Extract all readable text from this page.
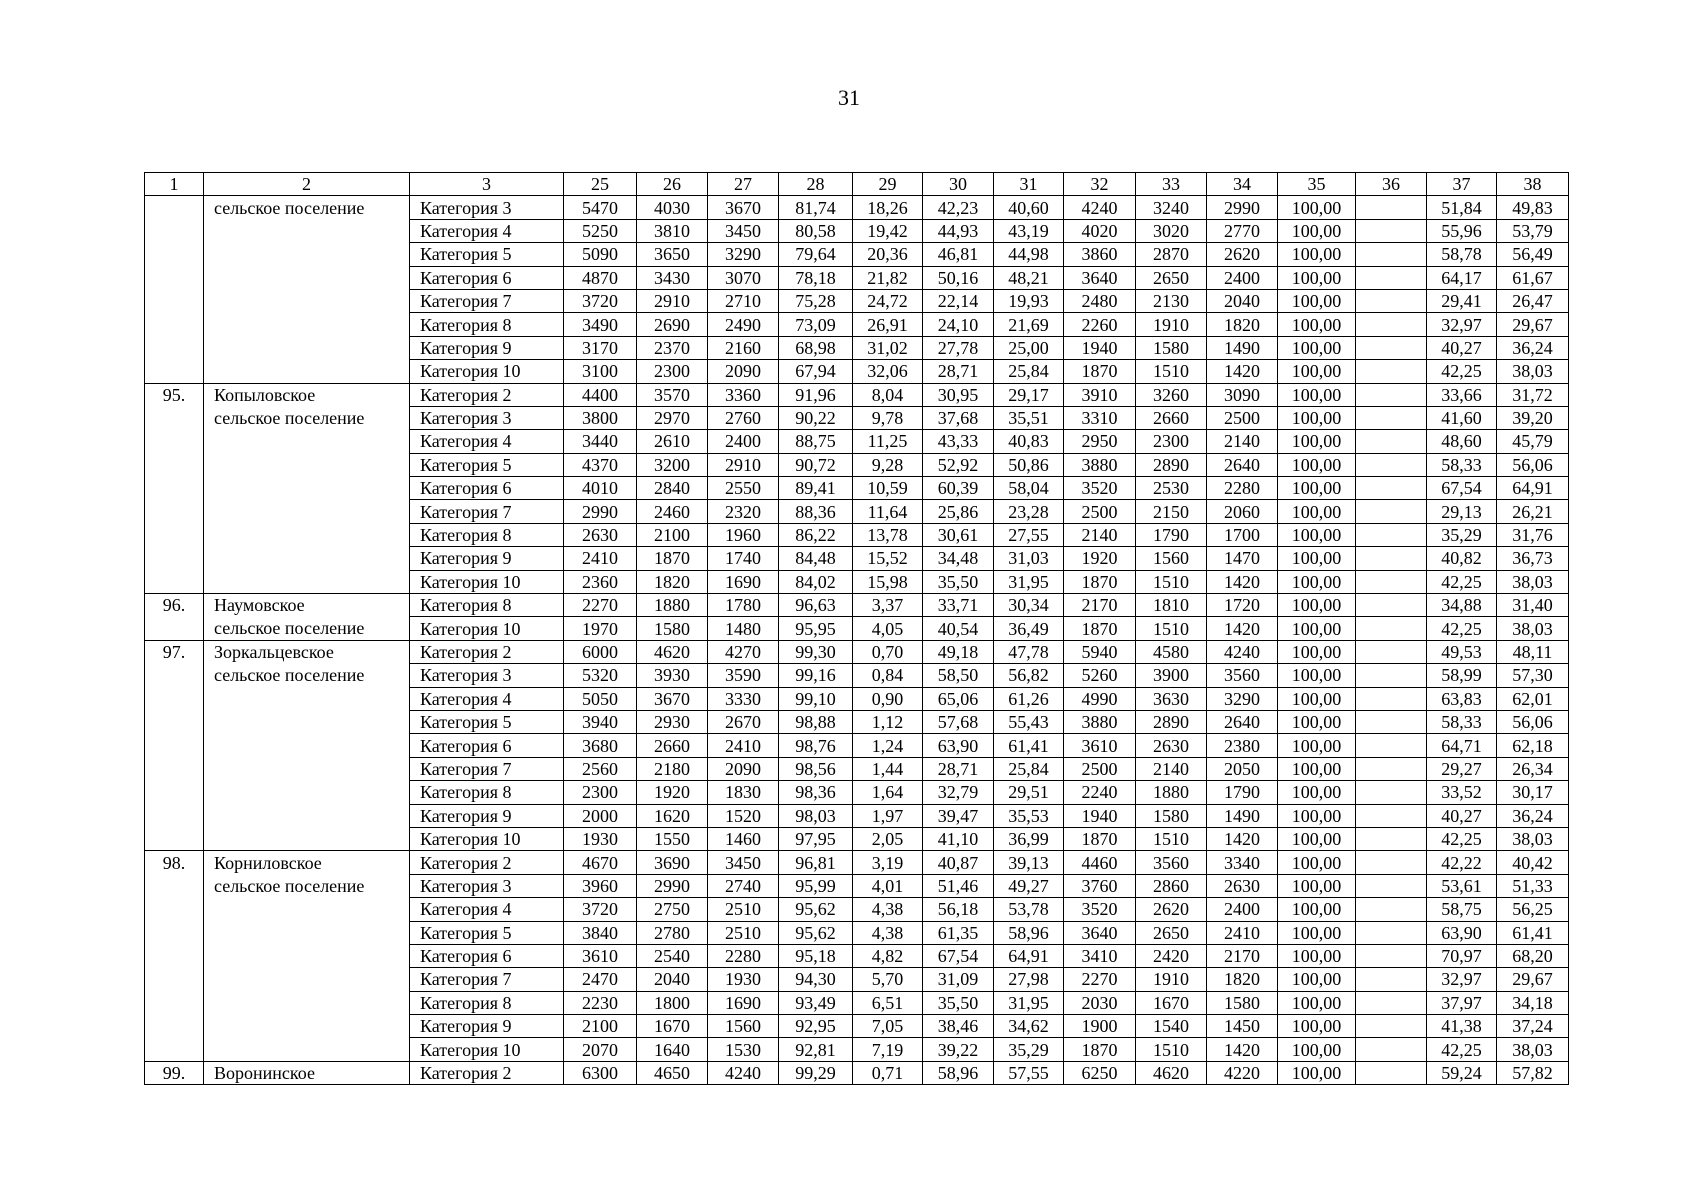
31
1	2	3	25	26	27	28	29	30	31	32	33	34	35	36	37	38
	сельское поселение	Категория 3	5470	4030	3670	81,74	18,26	42,23	40,60	4240	3240	2990	100,00		51,84	49,83
		Категория 4	5250	3810	3450	80,58	19,42	44,93	43,19	4020	3020	2770	100,00		55,96	53,79
		Категория 5	5090	3650	3290	79,64	20,36	46,81	44,98	3860	2870	2620	100,00		58,78	56,49
		Категория 6	4870	3430	3070	78,18	21,82	50,16	48,21	3640	2650	2400	100,00		64,17	61,67
		Категория 7	3720	2910	2710	75,28	24,72	22,14	19,93	2480	2130	2040	100,00		29,41	26,47
		Категория 8	3490	2690	2490	73,09	26,91	24,10	21,69	2260	1910	1820	100,00		32,97	29,67
		Категория 9	3170	2370	2160	68,98	31,02	27,78	25,00	1940	1580	1490	100,00		40,27	36,24
		Категория 10	3100	2300	2090	67,94	32,06	28,71	25,84	1870	1510	1420	100,00		42,25	38,03
95.	Копыловское	Категория 2	4400	3570	3360	91,96	8,04	30,95	29,17	3910	3260	3090	100,00		33,66	31,72
	сельское поселение	Категория 3	3800	2970	2760	90,22	9,78	37,68	35,51	3310	2660	2500	100,00		41,60	39,20
		Категория 4	3440	2610	2400	88,75	11,25	43,33	40,83	2950	2300	2140	100,00		48,60	45,79
		Категория 5	4370	3200	2910	90,72	9,28	52,92	50,86	3880	2890	2640	100,00		58,33	56,06
		Категория 6	4010	2840	2550	89,41	10,59	60,39	58,04	3520	2530	2280	100,00		67,54	64,91
		Категория 7	2990	2460	2320	88,36	11,64	25,86	23,28	2500	2150	2060	100,00		29,13	26,21
		Категория 8	2630	2100	1960	86,22	13,78	30,61	27,55	2140	1790	1700	100,00		35,29	31,76
		Категория 9	2410	1870	1740	84,48	15,52	34,48	31,03	1920	1560	1470	100,00		40,82	36,73
		Категория 10	2360	1820	1690	84,02	15,98	35,50	31,95	1870	1510	1420	100,00		42,25	38,03
96.	Наумовское	Категория 8	2270	1880	1780	96,63	3,37	33,71	30,34	2170	1810	1720	100,00		34,88	31,40
	сельское поселение	Категория 10	1970	1580	1480	95,95	4,05	40,54	36,49	1870	1510	1420	100,00		42,25	38,03
97.	Зоркальцевское	Категория 2	6000	4620	4270	99,30	0,70	49,18	47,78	5940	4580	4240	100,00		49,53	48,11
	сельское поселение	Категория 3	5320	3930	3590	99,16	0,84	58,50	56,82	5260	3900	3560	100,00		58,99	57,30
		Категория 4	5050	3670	3330	99,10	0,90	65,06	61,26	4990	3630	3290	100,00		63,83	62,01
		Категория 5	3940	2930	2670	98,88	1,12	57,68	55,43	3880	2890	2640	100,00		58,33	56,06
		Категория 6	3680	2660	2410	98,76	1,24	63,90	61,41	3610	2630	2380	100,00		64,71	62,18
		Категория 7	2560	2180	2090	98,56	1,44	28,71	25,84	2500	2140	2050	100,00		29,27	26,34
		Категория 8	2300	1920	1830	98,36	1,64	32,79	29,51	2240	1880	1790	100,00		33,52	30,17
		Категория 9	2000	1620	1520	98,03	1,97	39,47	35,53	1940	1580	1490	100,00		40,27	36,24
		Категория 10	1930	1550	1460	97,95	2,05	41,10	36,99	1870	1510	1420	100,00		42,25	38,03
98.	Корниловское	Категория 2	4670	3690	3450	96,81	3,19	40,87	39,13	4460	3560	3340	100,00		42,22	40,42
	сельское поселение	Категория 3	3960	2990	2740	95,99	4,01	51,46	49,27	3760	2860	2630	100,00		53,61	51,33
		Категория 4	3720	2750	2510	95,62	4,38	56,18	53,78	3520	2620	2400	100,00		58,75	56,25
		Категория 5	3840	2780	2510	95,62	4,38	61,35	58,96	3640	2650	2410	100,00		63,90	61,41
		Категория 6	3610	2540	2280	95,18	4,82	67,54	64,91	3410	2420	2170	100,00		70,97	68,20
		Категория 7	2470	2040	1930	94,30	5,70	31,09	27,98	2270	1910	1820	100,00		32,97	29,67
		Категория 8	2230	1800	1690	93,49	6,51	35,50	31,95	2030	1670	1580	100,00		37,97	34,18
		Категория 9	2100	1670	1560	92,95	7,05	38,46	34,62	1900	1540	1450	100,00		41,38	37,24
		Категория 10	2070	1640	1530	92,81	7,19	39,22	35,29	1870	1510	1420	100,00		42,25	38,03
99.	Воронинское	Категория 2	6300	4650	4240	99,29	0,71	58,96	57,55	6250	4620	4220	100,00		59,24	57,82
